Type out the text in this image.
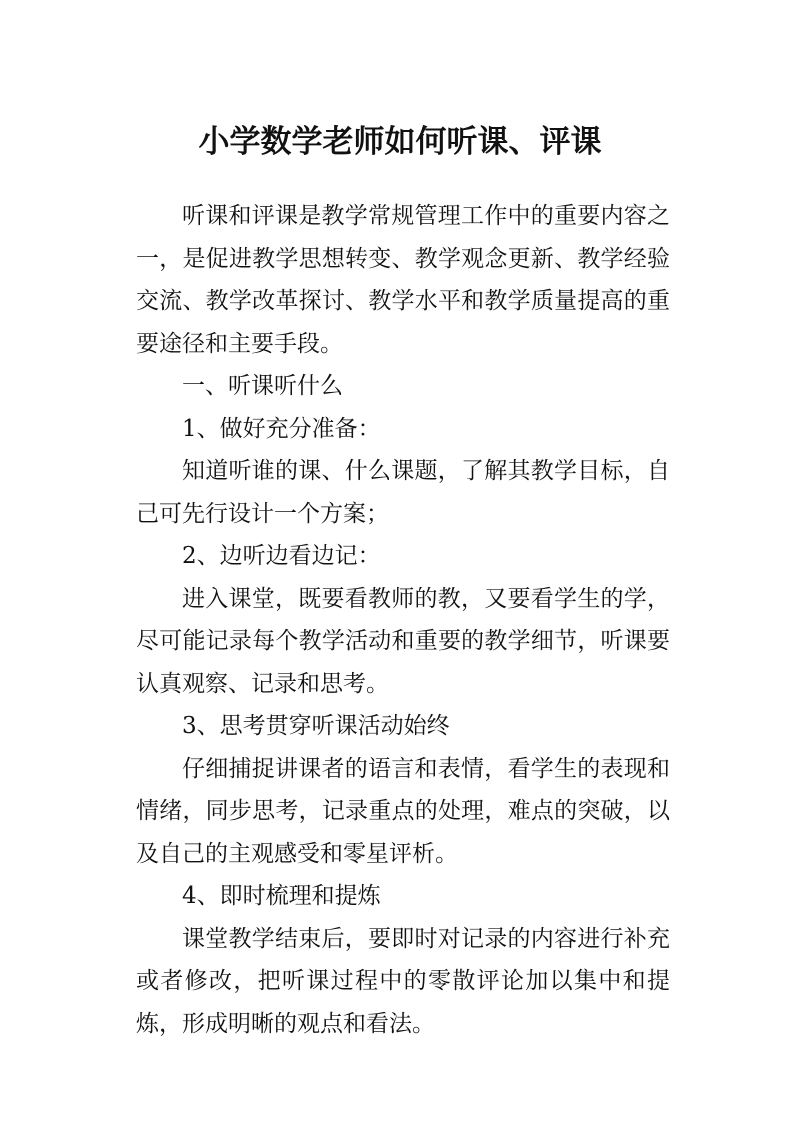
小学数学老师如何听课、评课

听课和评课是教学常规管理工作中的重要内容之一，是促进教学思想转变、教学观念更新、教学经验交流、教学改革探讨、教学水平和教学质量提高的重要途径和主要手段。

一、听课听什么

1、做好充分准备：

知道听谁的课、什么课题，了解其教学目标，自己可先行设计一个方案；

2、边听边看边记：

进入课堂，既要看教师的教，又要看学生的学，尽可能记录每个教学活动和重要的教学细节，听课要认真观察、记录和思考。

3、思考贯穿听课活动始终

仔细捕捉讲课者的语言和表情，看学生的表现和情绪，同步思考，记录重点的处理，难点的突破，以及自己的主观感受和零星评析。

4、即时梳理和提炼

课堂教学结束后，要即时对记录的内容进行补充或者修改，把听课过程中的零散评论加以集中和提炼，形成明晰的观点和看法。
